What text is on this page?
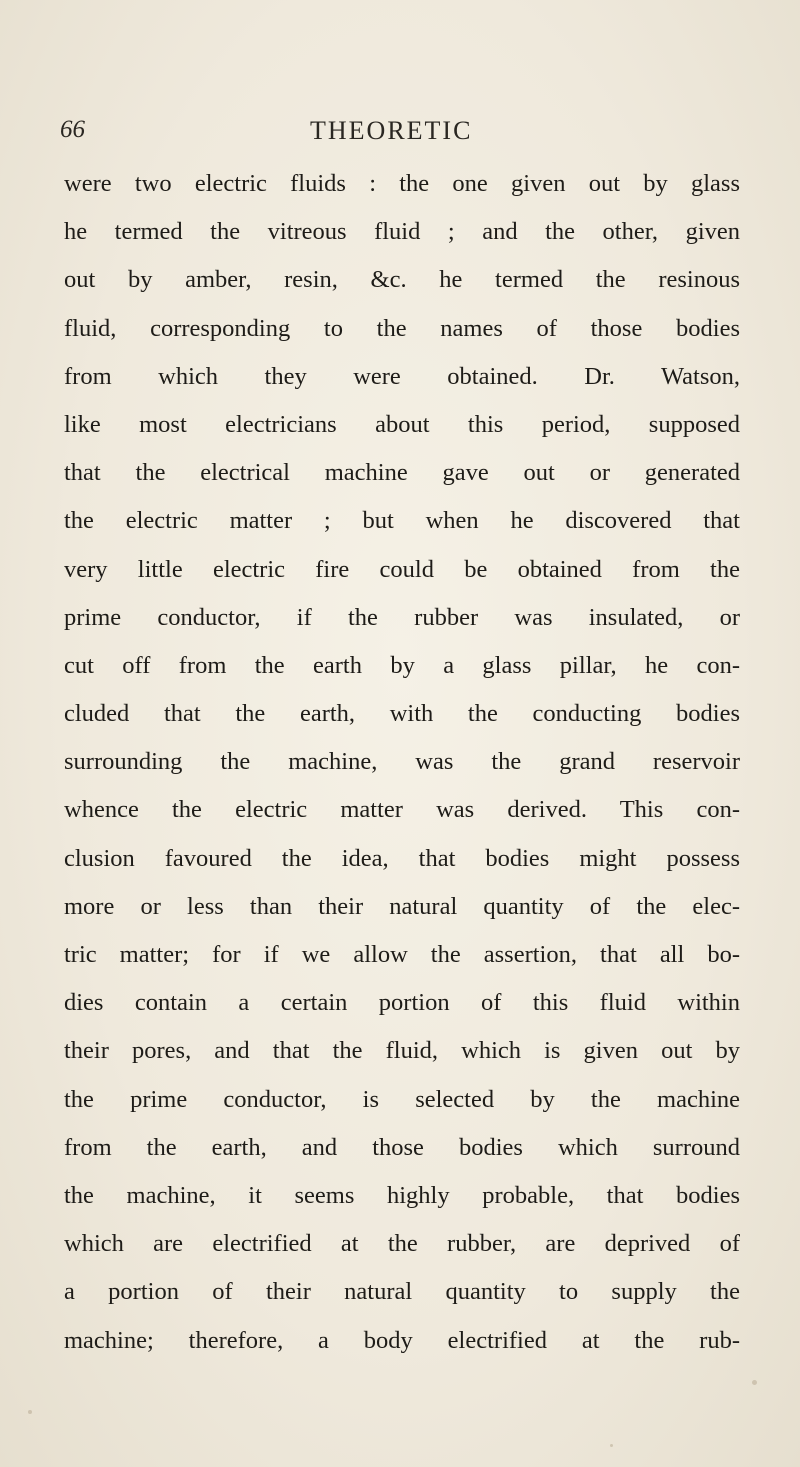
66	THEORETIC
were two electric fluids : the one given out by glass
he termed the vitreous fluid ; and the other, given
out by amber, resin, &c. he termed the resinous
fluid, corresponding to the names of those bodies
from which they were obtained. Dr. Watson,
like most electricians about this period, supposed
that the electrical machine gave out or generated
the electric matter ; but when he discovered that
very little electric fire could be obtained from the
prime conductor, if the rubber was insulated, or
cut off from the earth by a glass pillar, he con-
cluded that the earth, with the conducting bodies
surrounding the machine, was the grand reservoir
whence the electric matter was derived. This con-
clusion favoured the idea, that bodies might possess
more or less than their natural quantity of the elec-
tric matter; for if we allow the assertion, that all bo-
dies contain a certain portion of this fluid within
their pores, and that the fluid, which is given out by
the prime conductor, is selected by the machine
from the earth, and those bodies which surround
the machine, it seems highly probable, that bodies
which are electrified at the rubber, are deprived of
a portion of their natural quantity to supply the
machine; therefore, a body electrified at the rub-
